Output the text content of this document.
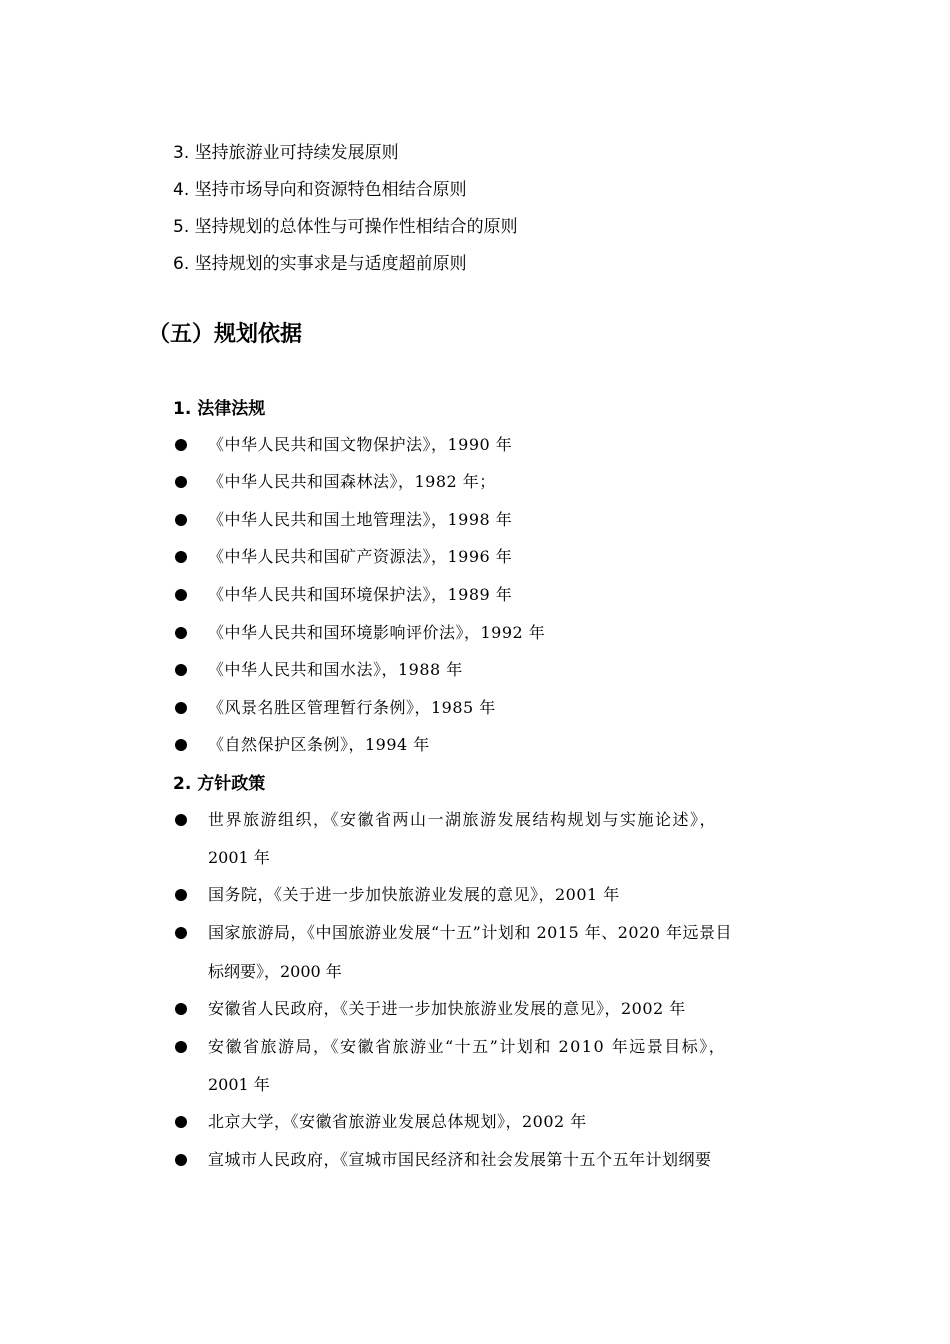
3. 坚持旅游业可持续发展原则
4. 坚持市场导向和资源特色相结合原则
5. 坚持规划的总体性与可操作性相结合的原则
6. 坚持规划的实事求是与适度超前原则
（五）规划依据
1. 法律法规
《中华人民共和国文物保护法》，1990 年
《中华人民共和国森林法》，1982 年；
《中华人民共和国土地管理法》，1998 年
《中华人民共和国矿产资源法》，1996 年
《中华人民共和国环境保护法》，1989 年
《中华人民共和国环境影响评价法》，1992 年
《中华人民共和国水法》，1988 年
《风景名胜区管理暂行条例》，1985 年
《自然保护区条例》，1994 年
2. 方针政策
世界旅游组织，《安徽省两山一湖旅游发展结构规划与实施论述》，
2001 年
国务院，《关于进一步加快旅游业发展的意见》，2001 年
国家旅游局，《中国旅游业发展“十五”计划和 2015 年、2020 年远景目
标纲要》，2000 年
安徽省人民政府，《关于进一步加快旅游业发展的意见》，2002 年
安徽省旅游局，《安徽省旅游业“十五”计划和 2010 年远景目标》，
2001 年
北京大学，《安徽省旅游业发展总体规划》，2002 年
宣城市人民政府，《宣城市国民经济和社会发展第十五个五年计划纲要
